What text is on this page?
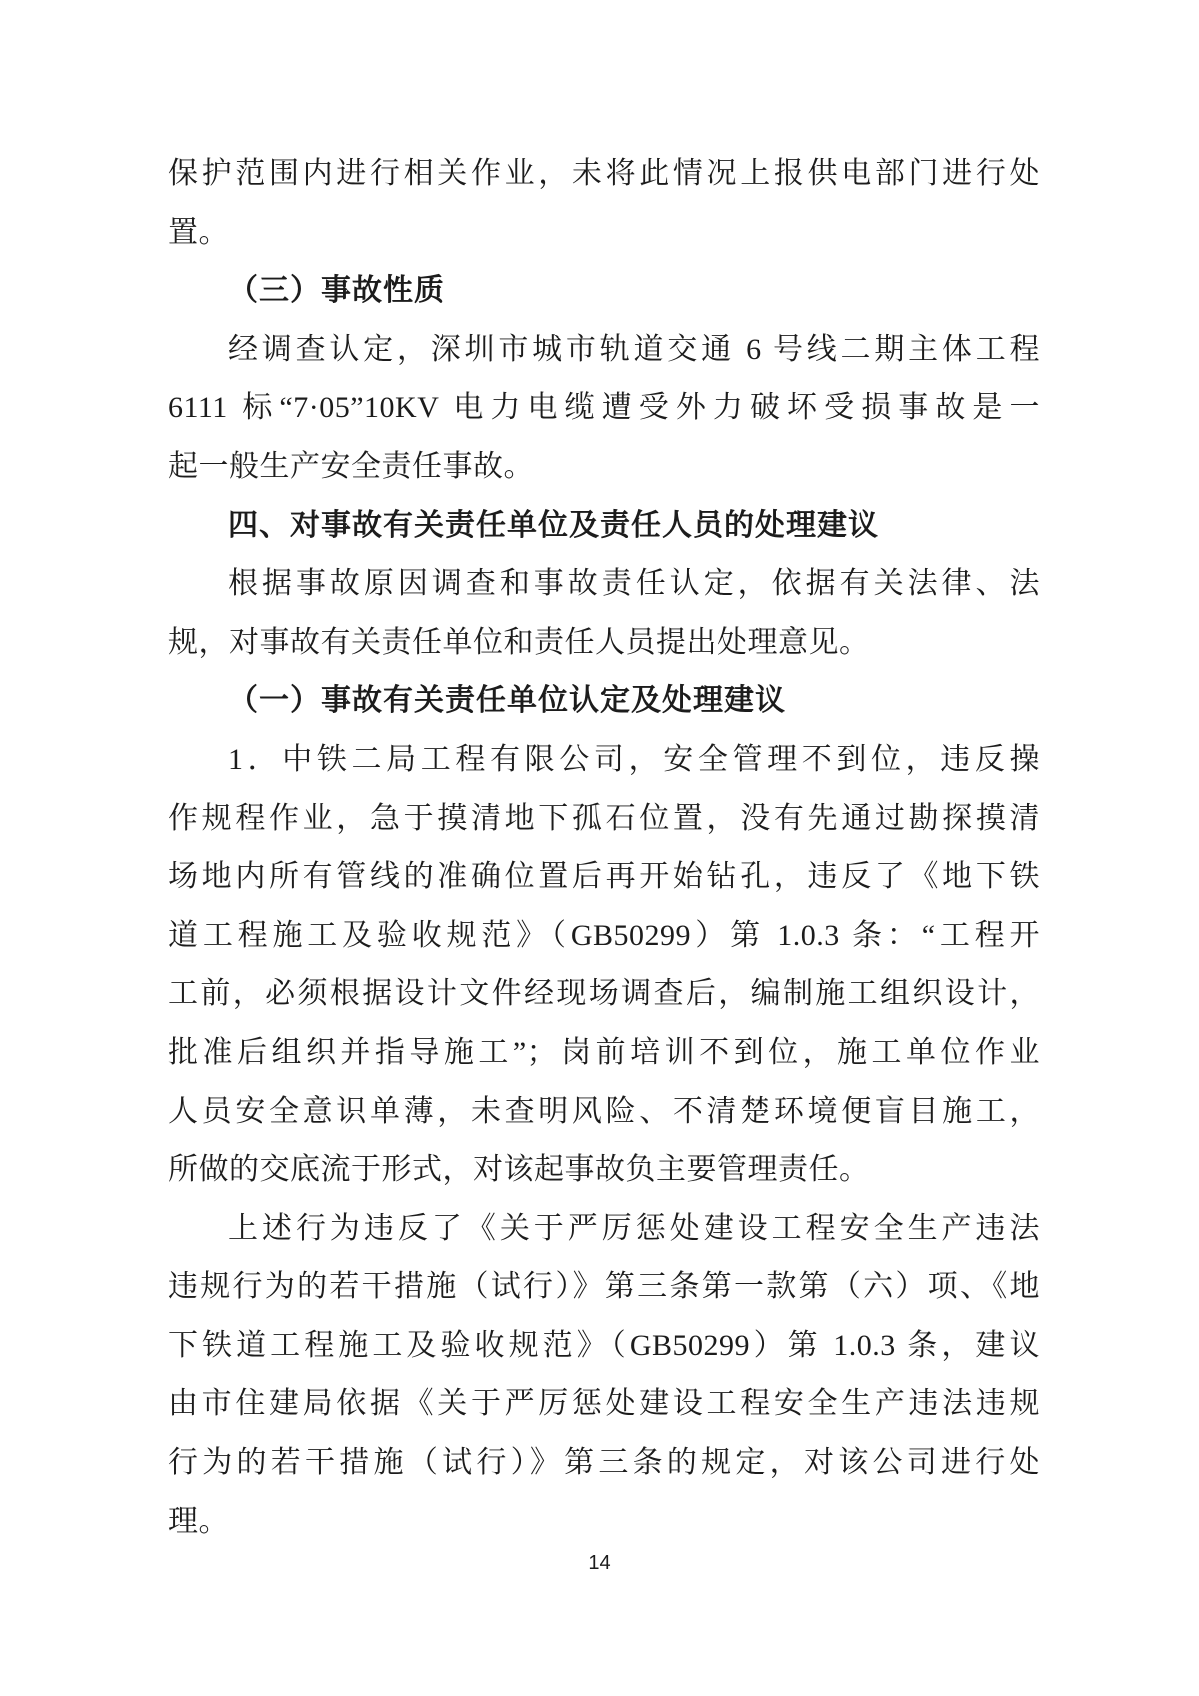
保护范围内进行相关作业，未将此情况上报供电部门进行处
置。
（三）事故性质
经调查认定，深圳市城市轨道交通 6 号线二期主体工程
6111 标“7·05”10KV 电力电缆遭受外力破坏受损事故是一
起一般生产安全责任事故。
四、对事故有关责任单位及责任人员的处理建议
根据事故原因调查和事故责任认定，依据有关法律、法
规，对事故有关责任单位和责任人员提出处理意见。
（一）事故有关责任单位认定及处理建议
1．中铁二局工程有限公司，安全管理不到位，违反操
作规程作业，急于摸清地下孤石位置，没有先通过勘探摸清
场地内所有管线的准确位置后再开始钻孔，违反了《地下铁
道工程施工及验收规范》（GB50299）第 1.0.3 条：“工程开
工前，必须根据设计文件经现场调查后，编制施工组织设计，
批准后组织并指导施工”；岗前培训不到位，施工单位作业
人员安全意识单薄，未查明风险、不清楚环境便盲目施工，
所做的交底流于形式，对该起事故负主要管理责任。
上述行为违反了《关于严厉惩处建设工程安全生产违法
违规行为的若干措施（试行）》第三条第一款第（六）项、《地
下铁道工程施工及验收规范》（GB50299）第 1.0.3 条，建议
由市住建局依据《关于严厉惩处建设工程安全生产违法违规
行为的若干措施（试行）》第三条的规定，对该公司进行处
理。
14
